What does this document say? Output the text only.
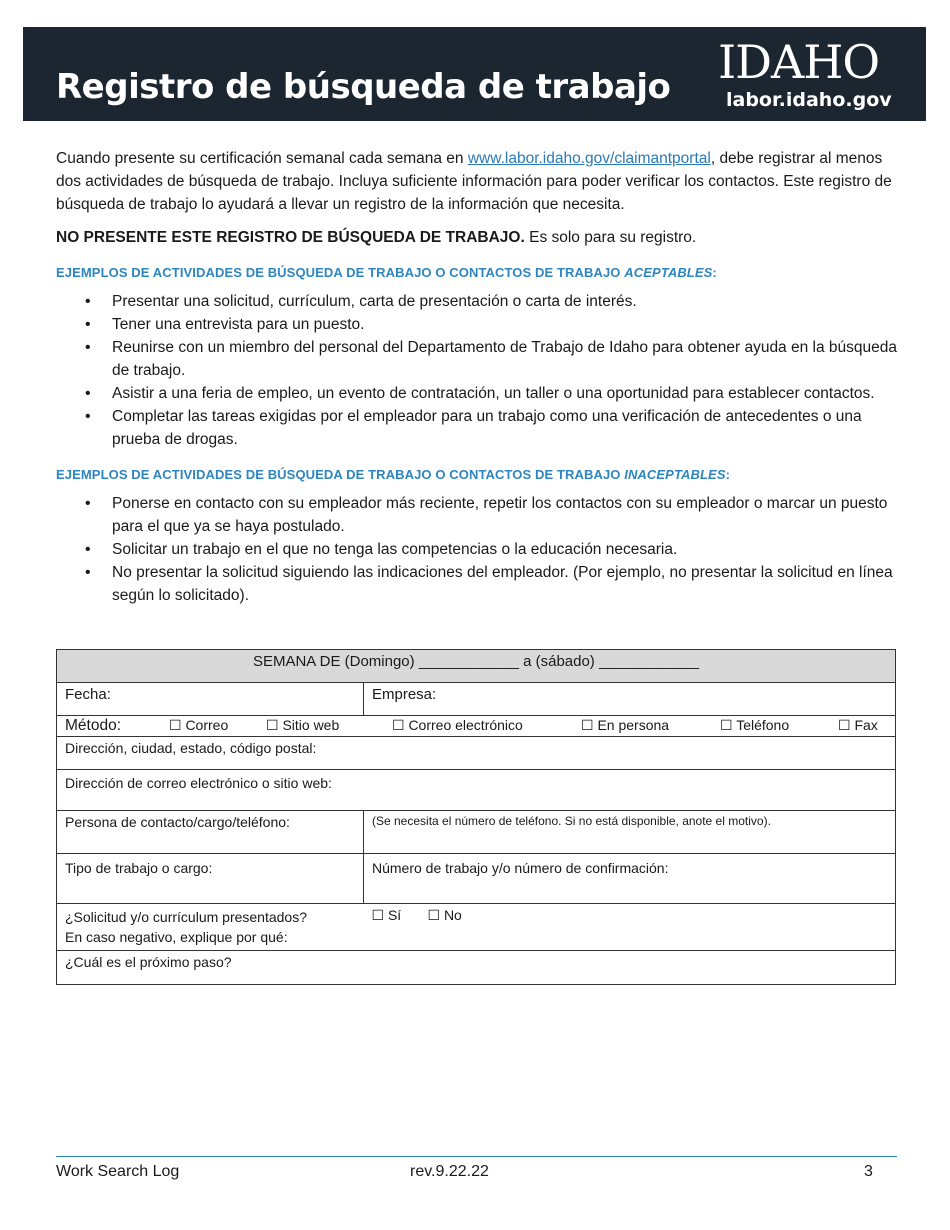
Registro de búsqueda de trabajo IDAHO
labor.idaho.gov

Cuando presente su certificación semanal cada semana en www.labor.idaho.gov/claimantportal, debe registrar al menos dos actividades de búsqueda de trabajo. Incluya suficiente información para poder verificar los contactos. Este registro de búsqueda de trabajo lo ayudará a llevar un registro de la información que necesita.

NO PRESENTE ESTE REGISTRO DE BÚSQUEDA DE TRABAJO. Es solo para su registro.

EJEMPLOS DE ACTIVIDADES DE BÚSQUEDA DE TRABAJO O CONTACTOS DE TRABAJO ACEPTABLES:

• Presentar una solicitud, currículum, carta de presentación o carta de interés.
• Tener una entrevista para un puesto.
• Reunirse con un miembro del personal del Departamento de Trabajo de Idaho para obtener ayuda en la búsqueda de trabajo.
• Asistir a una feria de empleo, un evento de contratación, un taller o una oportunidad para establecer contactos.
• Completar las tareas exigidas por el empleador para un trabajo como una verificación de antecedentes o una prueba de drogas.

EJEMPLOS DE ACTIVIDADES DE BÚSQUEDA DE TRABAJO O CONTACTOS DE TRABAJO INACEPTABLES:

• Ponerse en contacto con su empleador más reciente, repetir los contactos con su empleador o marcar un puesto para el que ya se haya postulado.
• Solicitar un trabajo en el que no tenga las competencias o la educación necesaria.
• No presentar la solicitud siguiendo las indicaciones del empleador. (Por ejemplo, no presentar la solicitud en línea según lo solicitado).
SEMANA DE (Domingo) ____________ a (sábado) ____________	
Fecha:	Empresa:
Método: ☐ Correo ☐ Sitio web ☐ Correo electrónico ☐ En persona ☐ Teléfono ☐ Fax	
Dirección, ciudad, estado, código postal:	

Dirección de correo electrónico o sitio web:	

Persona de contacto/cargo/teléfono:	(Se necesita el número de teléfono. Si no está disponible, anote el motivo).
Tipo de trabajo o cargo:	Número de trabajo y/o número de confirmación:

¿Solicitud y/o currículum presentados?
En caso negativo, explique por qué:	☐ Sí ☐ No
¿Cuál es el próximo paso?	
Work Search Log	rev.9.22.22	3
